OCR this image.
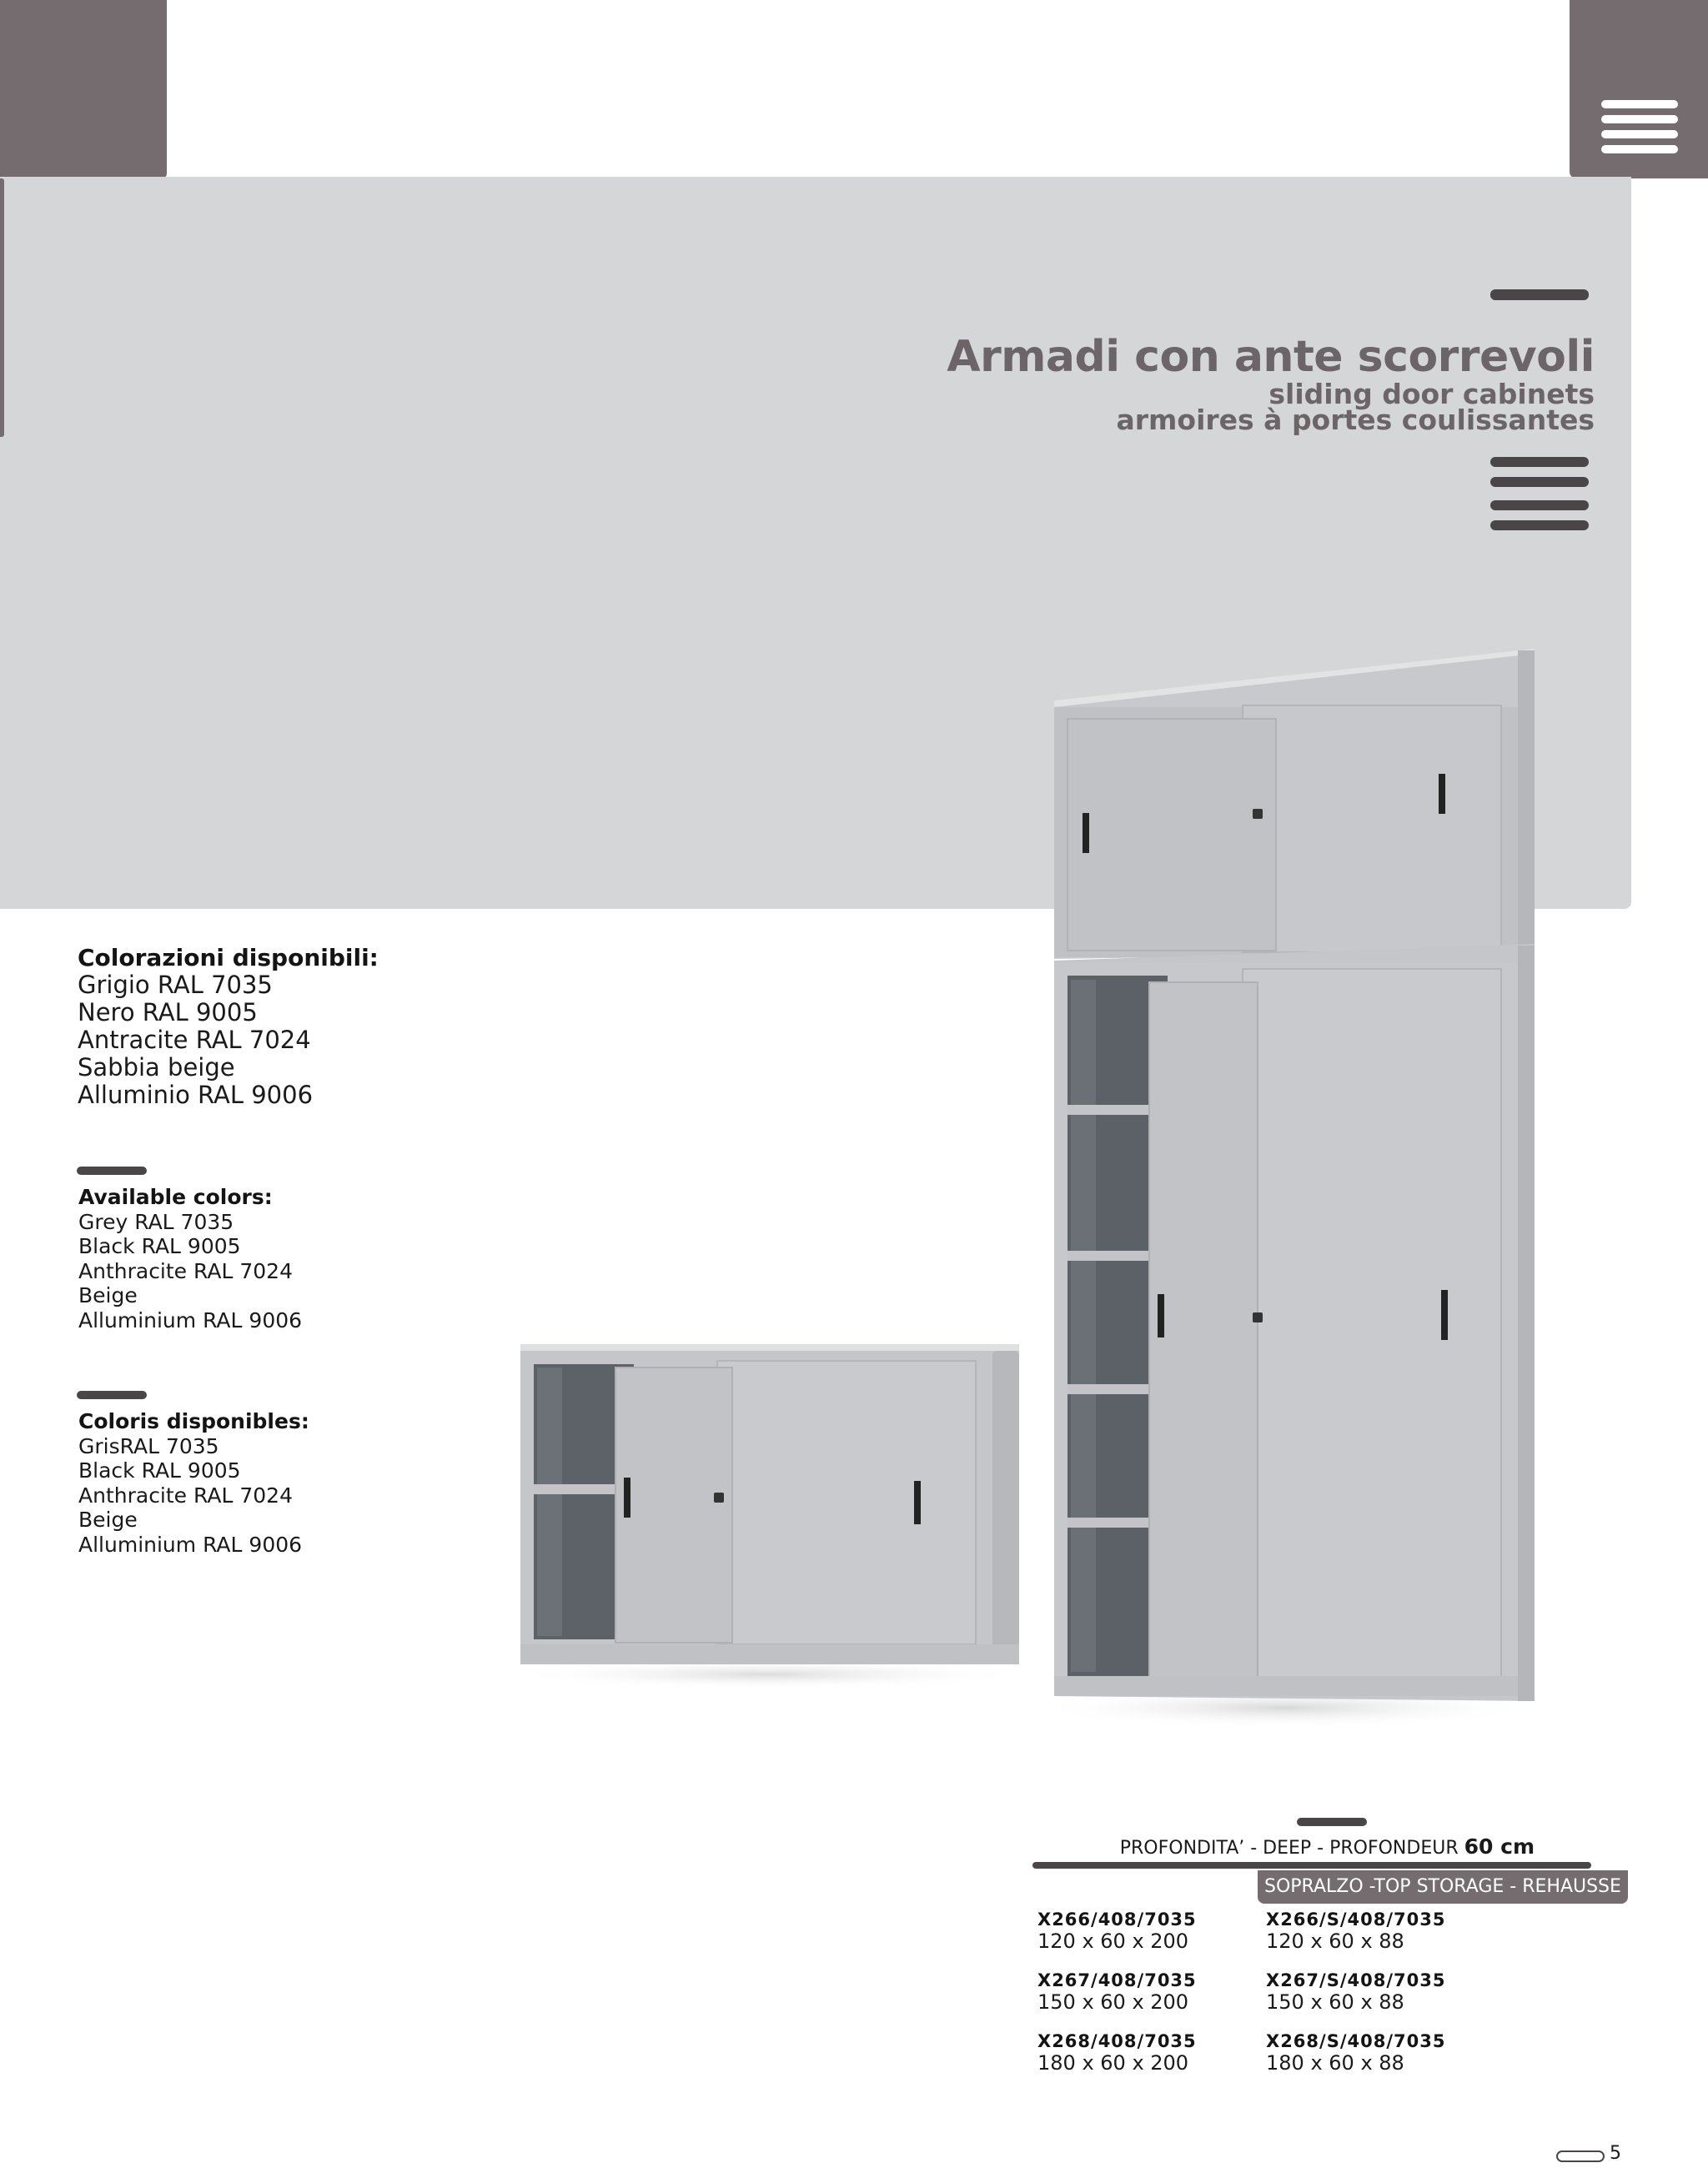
Armadi con ante scorrevoli
sliding door cabinets
armoires à portes coulissantes
Colorazioni disponibili:
Grigio RAL 7035
Nero RAL 9005
Antracite RAL 7024
Sabbia beige
Alluminio RAL 9006
Available colors:
Grey RAL 7035
Black RAL 9005
Anthracite RAL 7024
Beige
Alluminium RAL 9006
Coloris disponibles:
GrisRAL 7035
Black RAL 9005
Anthracite RAL 7024
Beige
Alluminium RAL 9006
PROFONDITA’ - DEEP - PROFONDEUR 60 cm
SOPRALZO -TOP STORAGE - REHAUSSE
X266/408/7035
120 x 60 x 200
X267/408/7035
150 x 60 x 200
X268/408/7035
180 x 60 x 200
X266/S/408/7035
120 x 60 x 88
X267/S/408/7035
150 x 60 x 88
X268/S/408/7035
180 x 60 x 88
5
